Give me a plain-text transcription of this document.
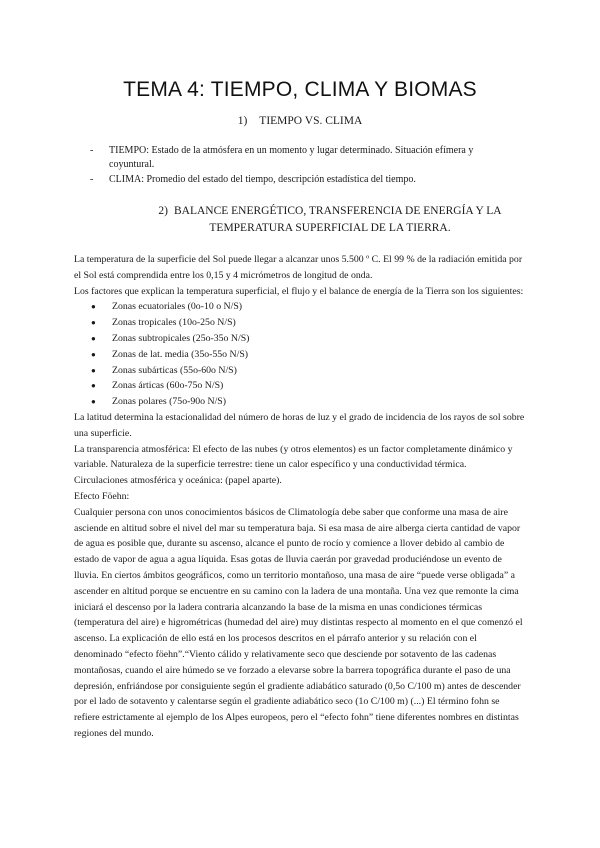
TEMA 4: TIEMPO, CLIMA Y BIOMAS
1) TIEMPO VS. CLIMA
- TIEMPO: Estado de la atmósfera en un momento y lugar determinado. Situación efímera y coyuntural.
- CLIMA: Promedio del estado del tiempo, descripción estadística del tiempo.
2) BALANCE ENERGÉTICO, TRANSFERENCIA DE ENERGÍA Y LA TEMPERATURA SUPERFICIAL DE LA TIERRA.

La temperatura de la superficie del Sol puede llegar a alcanzar unos 5.500 º C. El 99 % de la radiación emitida por el Sol está comprendida entre los 0,15 y 4 micrómetros de longitud de onda.

Los factores que explican la temperatura superficial, el flujo y el balance de energía de la Tierra son los siguientes:

● Zonas ecuatoriales (0o-10 o N/S)
● Zonas tropicales (10o-25o N/S)
● Zonas subtropicales (25o-35o N/S)
● Zonas de lat. media (35o-55o N/S)
● Zonas subárticas (55o-60o N/S)
● Zonas árticas (60o-75o N/S)
● Zonas polares (75o-90o N/S)

La latitud determina la estacionalidad del número de horas de luz y el grado de incidencia de los rayos de sol sobre una superficie.

La transparencia atmosférica: El efecto de las nubes (y otros elementos) es un factor completamente dinámico y variable. Naturaleza de la superficie terrestre: tiene un calor específico y una conductividad térmica.

Circulaciones atmosférica y oceánica: (papel aparte).

Efecto Föehn:

Cualquier persona con unos conocimientos básicos de Climatología debe saber que conforme una masa de aire asciende en altitud sobre el nivel del mar su temperatura baja. Si esa masa de aire alberga cierta cantidad de vapor de agua es posible que, durante su ascenso, alcance el punto de rocío y comience a llover debido al cambio de estado de vapor de agua a agua líquida. Esas gotas de lluvia caerán por gravedad produciéndose un evento de lluvia. En ciertos ámbitos geográficos, como un territorio montañoso, una masa de aire “puede verse obligada” a ascender en altitud porque se encuentre en su camino con la ladera de una montaña. Una vez que remonte la cima iniciará el descenso por la ladera contraria alcanzando la base de la misma en unas condiciones térmicas (temperatura del aire) e higrométricas (humedad del aire) muy distintas respecto al momento en el que comenzó el ascenso. La explicación de ello está en los procesos descritos en el párrafo anterior y su relación con el denominado “efecto föehn”.“Viento cálido y relativamente seco que desciende por sotavento de las cadenas montañosas, cuando el aire húmedo se ve forzado a elevarse sobre la barrera topográfica durante el paso de una depresión, enfriándose por consiguiente según el gradiente adiabático saturado (0,5o C/100 m) antes de descender por el lado de sotavento y calentarse según el gradiente adiabático seco (1o C/100 m) (...) El término fohn se refiere estrictamente al ejemplo de los Alpes europeos, pero el “efecto fohn” tiene diferentes nombres en distintas regiones del mundo.
